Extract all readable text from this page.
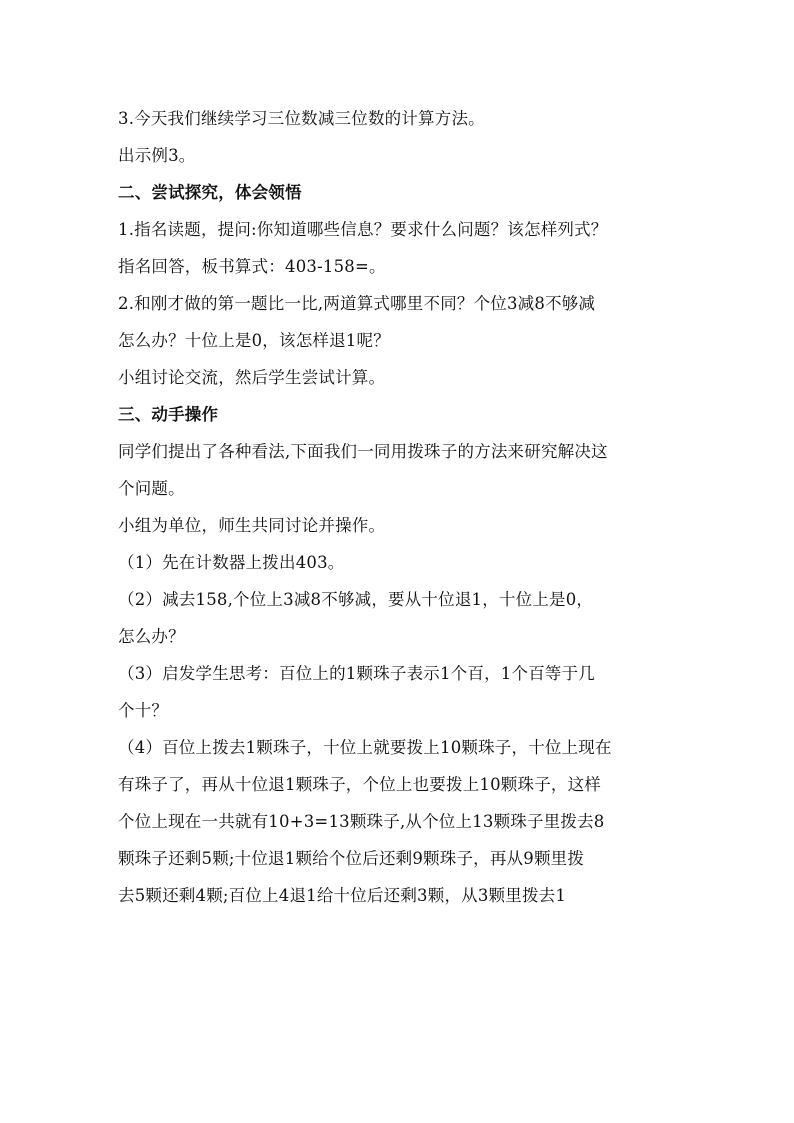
3.今天我们继续学习三位数减三位数的计算方法。
出示例3。
二、尝试探究，体会领悟
1.指名读题，提问:你知道哪些信息？要求什么问题？该怎样列式？
指名回答，板书算式：403-158=。
2.和刚才做的第一题比一比,两道算式哪里不同？个位3减8不够减
怎么办？十位上是0，该怎样退1呢？
小组讨论交流，然后学生尝试计算。
三、动手操作
同学们提出了各种看法,下面我们一同用拨珠子的方法来研究解决这
个问题。
小组为单位，师生共同讨论并操作。
（1）先在计数器上拨出403。
（2）减去158,个位上3减8不够减，要从十位退1，十位上是0，
怎么办？
（3）启发学生思考：百位上的1颗珠子表示1个百，1个百等于几
个十？
（4）百位上拨去1颗珠子，十位上就要拨上10颗珠子，十位上现在
有珠子了，再从十位退1颗珠子，个位上也要拨上10颗珠子，这样
个位上现在一共就有10+3=13颗珠子,从个位上13颗珠子里拨去8
颗珠子还剩5颗;十位退1颗给个位后还剩9颗珠子，再从9颗里拨
去5颗还剩4颗;百位上4退1给十位后还剩3颗，从3颗里拨去1
